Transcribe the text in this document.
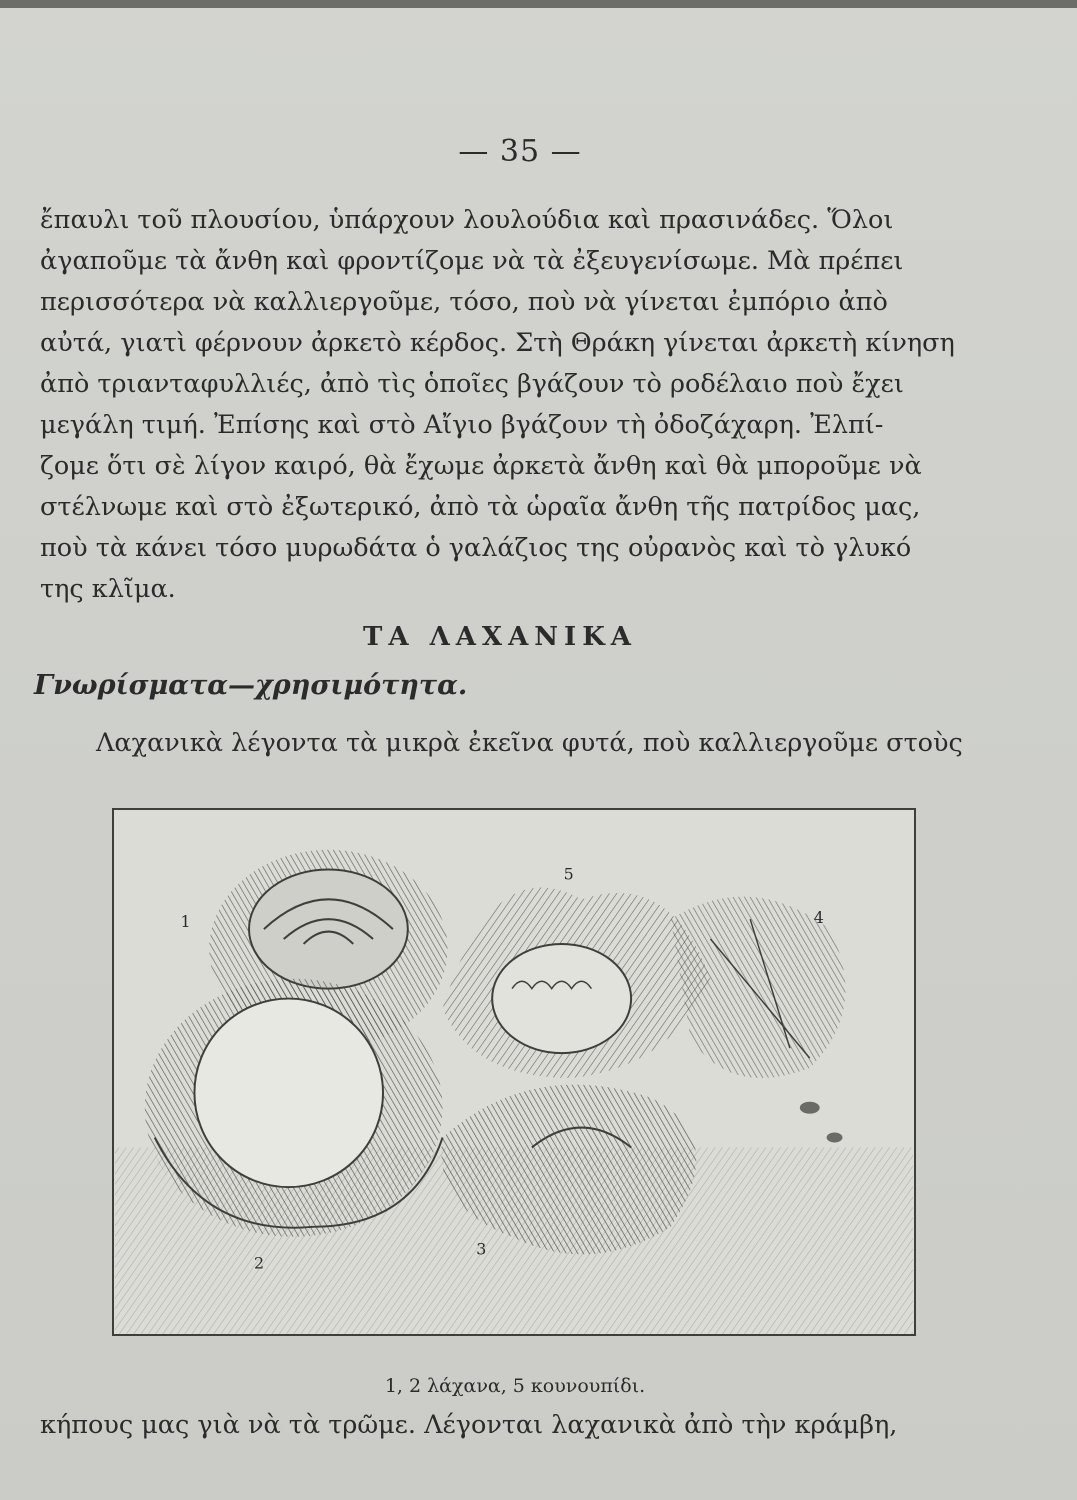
— 35 —

ἔπαυλι τοῦ πλουσίου, ὑπάρχουν λουλούδια καὶ πρασινάδες. Ὅλοι
ἀγαποῦμε τὰ ἄνθη καὶ φροντίζομε νὰ τὰ ἐξευγενίσωμε. Μὰ πρέπει
περισσότερα νὰ καλλιεργοῦμε, τόσο, ποὺ νὰ γίνεται ἐμπόριο ἀπὸ
αὐτά, γιατὶ φέρνουν ἀρκετὸ κέρδος. Στὴ Θράκη γίνεται ἀρκετὴ κίνηση
ἀπὸ τριανταφυλλιές, ἀπὸ τὶς ὁποῖες βγάζουν τὸ ροδέλαιο ποὺ ἔχει
μεγάλη τιμή. Ἐπίσης καὶ στὸ Αἴγιο βγάζουν τὴ ὀδοζάχαρη. Ἐλπί-
ζομε ὅτι σὲ λίγον καιρό, θὰ ἔχωμε ἀρκετὰ ἄνθη καὶ θὰ μποροῦμε νὰ
στέλνωμε καὶ στὸ ἐξωτερικό, ἀπὸ τὰ ὡραῖα ἄνθη τῆς πατρίδος μας,
ποὺ τὰ κάνει τόσο μυρωδάτα ὁ γαλάζιος της οὐρανὸς καὶ τὸ γλυκό
της κλῖμα.

ΤΑ ΛΑΧΑΝΙΚΑ
Γνωρίσματα—χρησιμότητα.
Λαχανικὰ λέγοντα τὰ μικρὰ ἐκεῖνα φυτά, ποὺ καλλιεργοῦμε στοὺς
1
2
3
4
5
1, 2 λάχανα, 5 κουνουπίδι.
κήπους μας γιὰ νὰ τὰ τρῶμε. Λέγονται λαχανικὰ ἀπὸ τὴν κράμβη,
